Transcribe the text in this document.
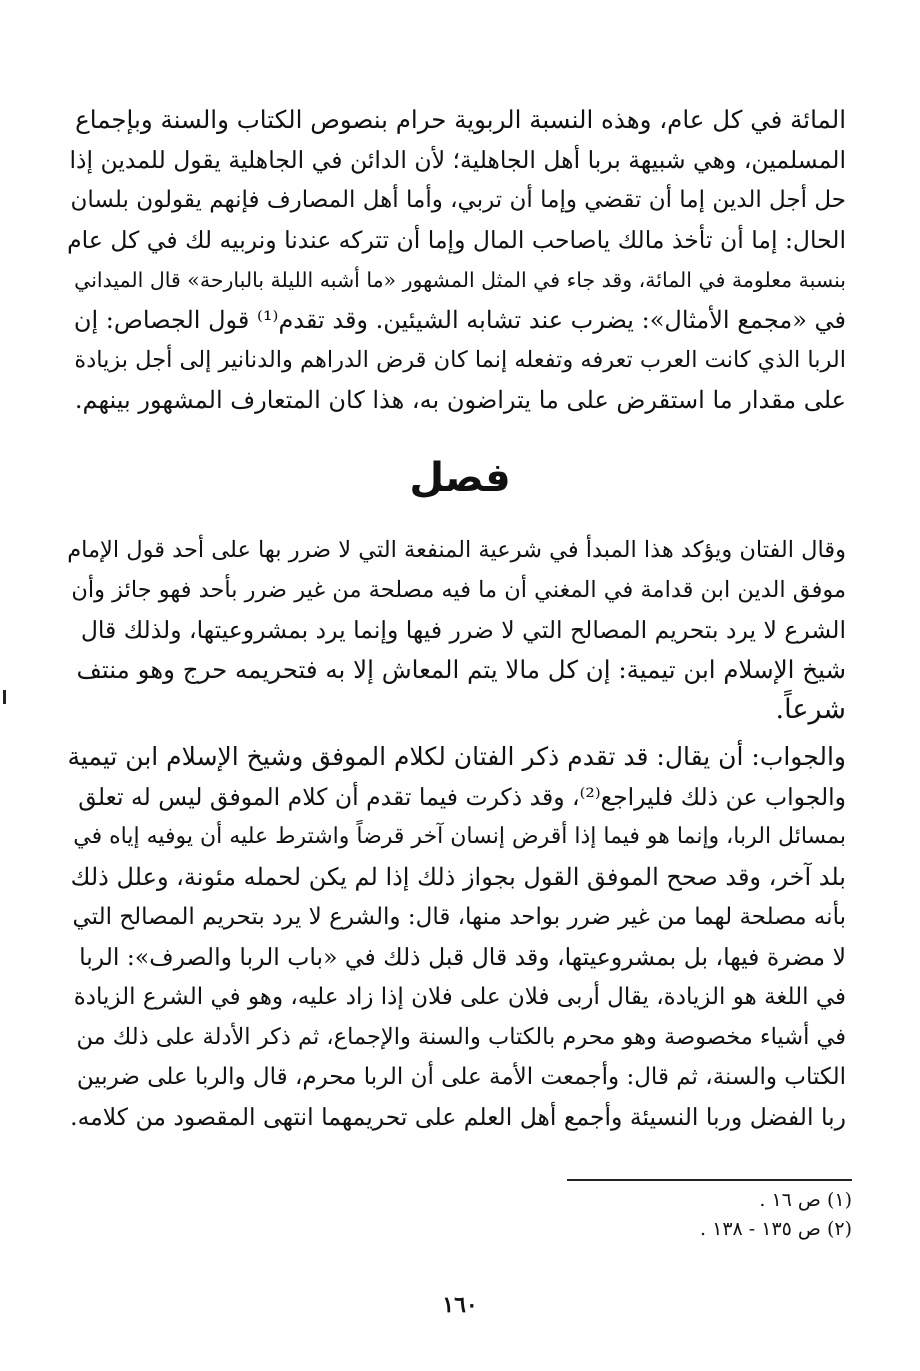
المائة في كل عام، وهذه النسبة الربوية حرام بنصوص الكتاب والسنة وبإجماع
المسلمين، وهي شبيهة بربا أهل الجاهلية؛ لأن الدائن في الجاهلية يقول للمدين إذا
حل أجل الدين إما أن تقضي وإما أن تربي، وأما أهل المصارف فإنهم يقولون بلسان
الحال: إما أن تأخذ مالك ياصاحب المال وإما أن تتركه عندنا ونربيه لك في كل عام
بنسبة معلومة في المائة، وقد جاء في المثل المشهور «ما أشبه الليلة بالبارحة» قال الميداني
في «مجمع الأمثال»: يضرب عند تشابه الشيئين. وقد تقدم⁽¹⁾ قول الجصاص: إن
الربا الذي كانت العرب تعرفه وتفعله إنما كان قرض الدراهم والدنانير إلى أجل بزيادة
على مقدار ما استقرض على ما يتراضون به، هذا كان المتعارف المشهور بينهم.

فصل

وقال الفتان ويؤكد هذا المبدأ في شرعية المنفعة التي لا ضرر بها على أحد قول الإمام
موفق الدين ابن قدامة في المغني أن ما فيه مصلحة من غير ضرر بأحد فهو جائز وأن
الشرع لا يرد بتحريم المصالح التي لا ضرر فيها وإنما يرد بمشروعيتها، ولذلك قال
شيخ الإسلام ابن تيمية: إن كل مالا يتم المعاش إلا به فتحريمه حرج وهو منتف
شرعاً.

والجواب: أن يقال: قد تقدم ذكر الفتان لكلام الموفق وشيخ الإسلام ابن تيمية
والجواب عن ذلك فليراجع⁽²⁾، وقد ذكرت فيما تقدم أن كلام الموفق ليس له تعلق
بمسائل الربا، وإنما هو فيما إذا أقرض إنسان آخر قرضاً واشترط عليه أن يوفيه إياه في
بلد آخر، وقد صحح الموفق القول بجواز ذلك إذا لم يكن لحمله مئونة، وعلل ذلك
بأنه مصلحة لهما من غير ضرر بواحد منها، قال: والشرع لا يرد بتحريم المصالح التي
لا مضرة فيها، بل بمشروعيتها، وقد قال قبل ذلك في «باب الربا والصرف»: الربا
في اللغة هو الزيادة، يقال أربى فلان على فلان إذا زاد عليه، وهو في الشرع الزيادة
في أشياء مخصوصة وهو محرم بالكتاب والسنة والإجماع، ثم ذكر الأدلة على ذلك من
الكتاب والسنة، ثم قال: وأجمعت الأمة على أن الربا محرم، قال والربا على ضربين
ربا الفضل وربا النسيئة وأجمع أهل العلم على تحريمهما انتهى المقصود من كلامه.

(١) ص ١٦ .
(٢) ص ١٣٥ - ١٣٨ .
١٦٠
